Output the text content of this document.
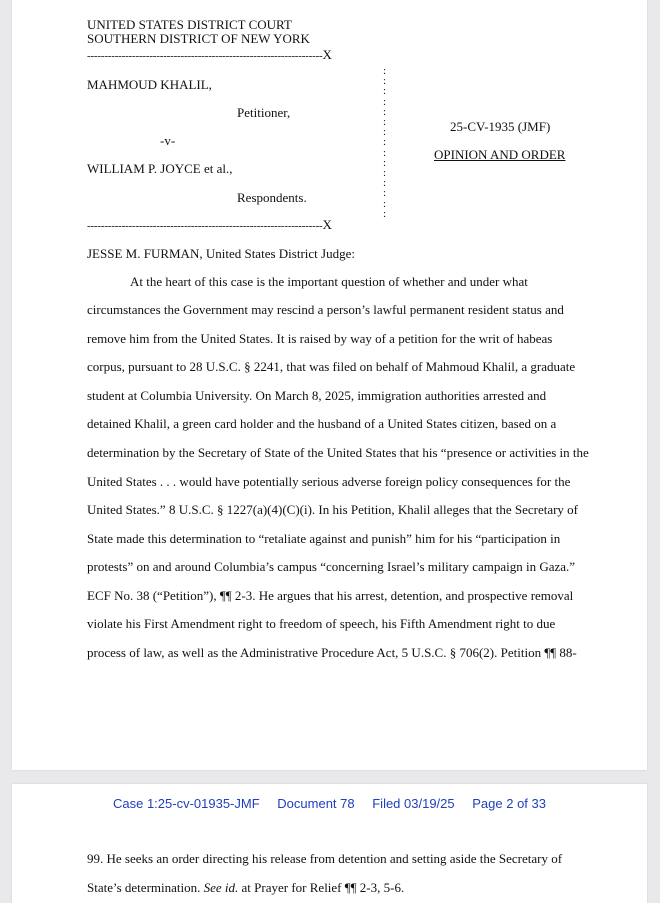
UNITED STATES DISTRICT COURT
SOUTHERN DISTRICT OF NEW YORK
--------------------------------------------------------------------X
:
:
:
:
:
:
:
:
:
:
:
:
:
:
:
MAHMOUD KHALIL,
Petitioner,
-v-
WILLIAM P. JOYCE et al.,
Respondents.
25-CV-1935 (JMF)
OPINION AND ORDER
--------------------------------------------------------------------X
JESSE M. FURMAN, United States District Judge:
At the heart of this case is the important question of whether and under what
circumstances the Government may rescind a person’s lawful permanent resident status and
remove him from the United States. It is raised by way of a petition for the writ of habeas
corpus, pursuant to 28 U.S.C. § 2241, that was filed on behalf of Mahmoud Khalil, a graduate
student at Columbia University. On March 8, 2025, immigration authorities arrested and
detained Khalil, a green card holder and the husband of a United States citizen, based on a
determination by the Secretary of State of the United States that his “presence or activities in the
United States . . . would have potentially serious adverse foreign policy consequences for the
United States.” 8 U.S.C. § 1227(a)(4)(C)(i). In his Petition, Khalil alleges that the Secretary of
State made this determination to “retaliate against and punish” him for his “participation in
protests” on and around Columbia’s campus “concerning Israel’s military campaign in Gaza.”
ECF No. 38 (“Petition”), ¶¶ 2-3. He argues that his arrest, detention, and prospective removal
violate his First Amendment right to freedom of speech, his Fifth Amendment right to due
process of law, as well as the Administrative Procedure Act, 5 U.S.C. § 706(2). Petition ¶¶ 88-
Case 1:25-cv-01935-JMF Document 78 Filed 03/19/25 Page 2 of 33
99. He seeks an order directing his release from detention and setting aside the Secretary of
State’s determination. See id. at Prayer for Relief ¶¶ 2-3, 5-6.
